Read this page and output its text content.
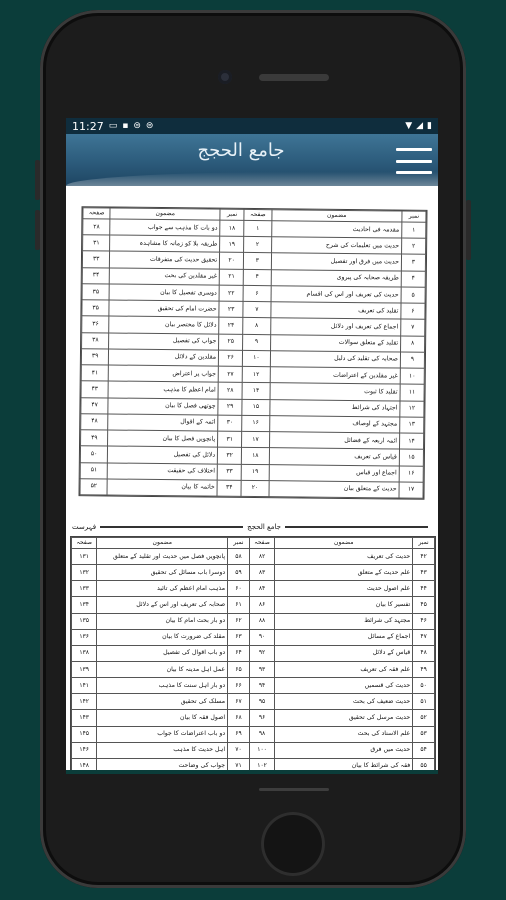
11:27 ▭ ▪ ⊜ ⊜	▼ ◢ ▮
جامع الحجج
صفحہ	مضمون	نمبر	صفحہ	مضمون	نمبر
۲۸	دو بات کا مذہب سے جواب	۱۸	۱	مقدمہ فی احادیث	۱
۳۱	طریقہ بلا کو زمانہ کا مشاہدہ	۱۹	۲	حدیث میں تعلیمات کی شرح	۲
۳۳	تحقیق حدیث کی متفرقات	۲۰	۳	حدیث میں فرق اور تفصیل	۳
۳۴	غیر مقلدین کی بحث	۲۱	۴	طریقہ صحابہ کی پیروی	۴
۳۵	دوسری تفصیل کا بیان	۲۲	۶	حدیث کی تعریف اور اس کی اقسام	۵
۳۵	حضرت امام کی تحقیق	۲۳	۷	تقلید کی تعریف	۶
۳۶	دلائل کا مختصر بیان	۲۴	۸	اجماع کی تعریف اور دلائل	۷
۳۸	جواب کی تفصیل	۲۵	۹	تقلید کے متعلق سوالات	۸
۳۹	مقلدین کے دلائل	۲۶	۱۰	صحابہ کی تقلید کی دلیل	۹
۴۱	جواب پر اعتراض	۲۷	۱۲	غیر مقلدین کے اعتراضات	۱۰
۴۳	امام اعظم کا مذہب	۲۸	۱۴	تقلید کا ثبوت	۱۱
۴۷	چوتھی فصل کا بیان	۲۹	۱۵	اجتہاد کی شرائط	۱۲
۴۸	ائمہ کے اقوال	۳۰	۱۶	مجتہد کے اوصاف	۱۳
۴۹	پانچویں فصل کا بیان	۳۱	۱۷	ائمہ اربعہ کے فضائل	۱۴
۵۰	دلائل کی تفصیل	۳۲	۱۸	قیاس کی تعریف	۱۵
۵۱	اختلاف کی حقیقت	۳۳	۱۹	اجماع اور قیاس	۱۶
۵۲	خاتمہ کا بیان	۳۴	۲۰	حدیث کے متعلق بیان	۱۷
فہرست	جامع الحجج
صفحہ	مضمون	نمبر	صفحہ	مضمون	نمبر
۱۳۱	پانچویں فصل میں حدیث اور تقلید کے متعلق	۵۸	۸۲	حدیث کی تعریف	۴۲
۱۳۲	دوسرا باب مسائل کی تحقیق	۵۹	۸۳	علم حدیث کے متعلق	۴۳
۱۳۳	مذہب امام اعظم کی تائید	۶۰	۸۴	علم اصول حدیث	۴۴
۱۳۴	صحابہ کی تعریف اور اس کے دلائل	۶۱	۸۶	تفسیر کا بیان	۴۵
۱۳۵	دو بار بحث امام کا بیان	۶۲	۸۸	مجتہد کی شرائط	۴۶
۱۳۶	مقلد کی ضرورت کا بیان	۶۳	۹۰	اجماع کے مسائل	۴۷
۱۳۸	دو باب اقوال کی تفصیل	۶۴	۹۲	قیاس کے دلائل	۴۸
۱۳۹	عمل اہل مدینہ کا بیان	۶۵	۹۳	علم فقہ کی تعریف	۴۹
۱۴۱	دو بار اہل سنت کا مذہب	۶۶	۹۴	حدیث کی قسمیں	۵۰
۱۴۲	مسلک کی تحقیق	۶۷	۹۵	حدیث ضعیف کی بحث	۵۱
۱۴۳	اصول فقہ کا بیان	۶۸	۹۶	حدیث مرسل کی تحقیق	۵۲
۱۴۵	دو باب اعتراضات کا جواب	۶۹	۹۸	علم الاسناد کی بحث	۵۳
۱۴۶	اہل حدیث کا مذہب	۷۰	۱۰۰	حدیث میں فرق	۵۴
۱۴۸	جواب کی وضاحت	۷۱	۱۰۲	فقہ کی شرائط کا بیان	۵۵
